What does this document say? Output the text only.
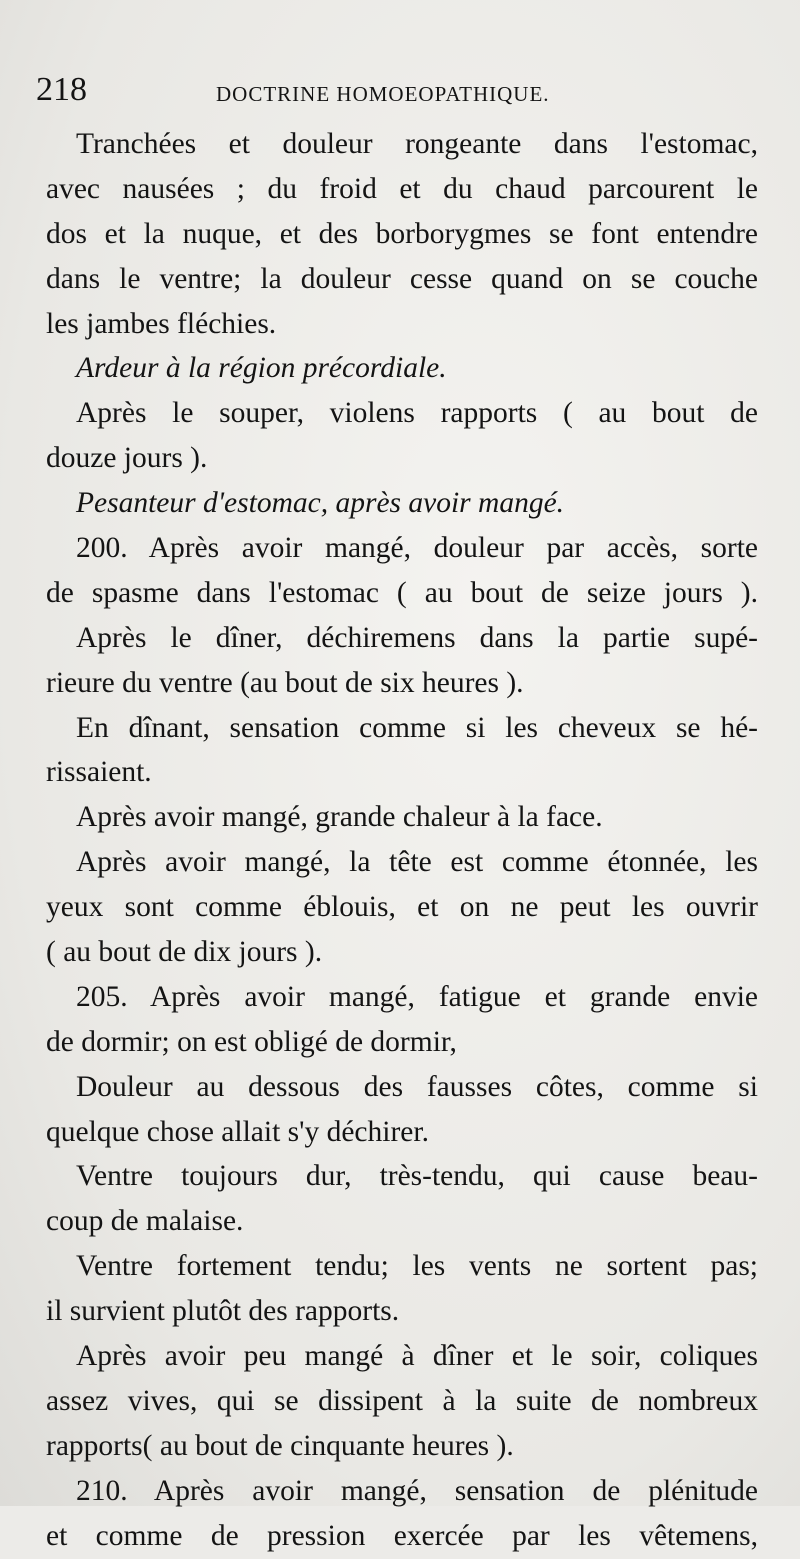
218	DOCTRINE HOMOEOPATHIQUE.
Tranchées et douleur rongeante dans l'estomac,
avec nausées ; du froid et du chaud parcourent le
dos et la nuque, et des borborygmes se font entendre
dans le ventre; la douleur cesse quand on se couche
les jambes fléchies.
Ardeur à la région précordiale.
Après le souper, violens rapports ( au bout de
douze jours ).
Pesanteur d'estomac, après avoir mangé.
200. Après avoir mangé, douleur par accès, sorte
de spasme dans l'estomac ( au bout de seize jours ).
Après le dîner, déchiremens dans la partie supé-
rieure du ventre (au bout de six heures ).
En dînant, sensation comme si les cheveux se hé-
rissaient.
Après avoir mangé, grande chaleur à la face.
Après avoir mangé, la tête est comme étonnée, les
yeux sont comme éblouis, et on ne peut les ouvrir
( au bout de dix jours ).
205. Après avoir mangé, fatigue et grande envie
de dormir; on est obligé de dormir,
Douleur au dessous des fausses côtes, comme si
quelque chose allait s'y déchirer.
Ventre toujours dur, très-tendu, qui cause beau-
coup de malaise.
Ventre fortement tendu; les vents ne sortent pas;
il survient plutôt des rapports.
Après avoir peu mangé à dîner et le soir, coliques
assez vives, qui se dissipent à la suite de nombreux
rapports( au bout de cinquante heures ).
210. Après avoir mangé, sensation de plénitude
et comme de pression exercée par les vêtemens,
